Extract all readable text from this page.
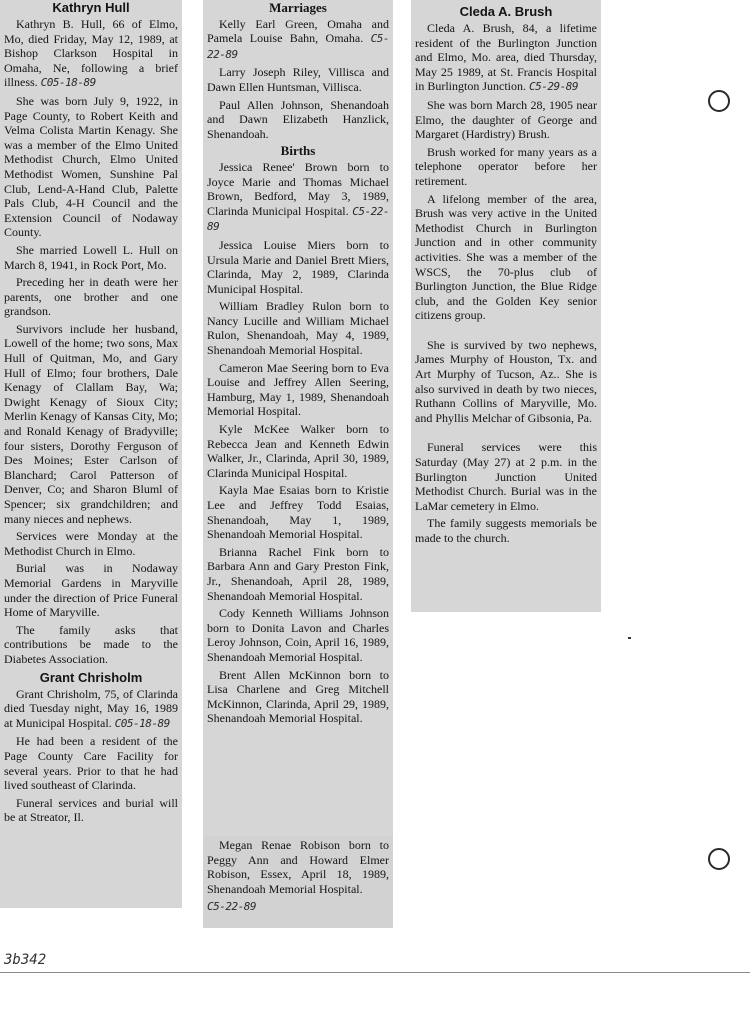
Kathryn Hull

Kathryn B. Hull, 66 of Elmo, Mo, died Friday, May 12, 1989, at Bishop Clarkson Hospital in Omaha, Ne, following a brief illness. C05-18-89

She was born July 9, 1922, in Page County, to Robert Keith and Velma Colista Martin Kenagy. She was a member of the Elmo United Methodist Church, Elmo United Methodist Women, Sunshine Pal Club, Lend-A-Hand Club, Palette Pals Club, 4-H Council and the Extension Council of Nodaway County.

She married Lowell L. Hull on March 8, 1941, in Rock Port, Mo.

Preceding her in death were her parents, one brother and one grandson.

Survivors include her husband, Lowell of the home; two sons, Max Hull of Quitman, Mo, and Gary Hull of Elmo; four brothers, Dale Kenagy of Clallam Bay, Wa; Dwight Kenagy of Sioux City; Merlin Kenagy of Kansas City, Mo; and Ronald Kenagy of Bradyville; four sisters, Dorothy Ferguson of Des Moines; Ester Carlson of Blanchard; Carol Patterson of Denver, Co; and Sharon Bluml of Spencer; six grandchildren; and many nieces and nephews.

Services were Monday at the Methodist Church in Elmo.

Burial was in Nodaway Memorial Gardens in Maryville under the direction of Price Funeral Home of Maryville.

The family asks that contributions be made to the Diabetes Association.

Grant Chrisholm

Grant Chrisholm, 75, of Clarinda died Tuesday night, May 16, 1989 at Municipal Hospital. C05-18-89

He had been a resident of the Page County Care Facility for several years. Prior to that he had lived southeast of Clarinda.

Funeral services and burial will be at Streator, Il.

Marriages

Kelly Earl Green, Omaha and Pamela Louise Bahn, Omaha. C5-22-89

Larry Joseph Riley, Villisca and Dawn Ellen Huntsman, Villisca.

Paul Allen Johnson, Shenandoah and Dawn Elizabeth Hanzlick, Shenandoah.

Births

Jessica Renee' Brown born to Joyce Marie and Thomas Michael Brown, Bedford, May 3, 1989, Clarinda Municipal Hospital. C5-22-89

Jessica Louise Miers born to Ursula Marie and Daniel Brett Miers, Clarinda, May 2, 1989, Clarinda Municipal Hospital.

William Bradley Rulon born to Nancy Lucille and William Michael Rulon, Shenandoah, May 4, 1989, Shenandoah Memorial Hospital.

Cameron Mae Seering born to Eva Louise and Jeffrey Allen Seering, Hamburg, May 1, 1989, Shenandoah Memorial Hospital.

Kyle McKee Walker born to Rebecca Jean and Kenneth Edwin Walker, Jr., Clarinda, April 30, 1989, Clarinda Municipal Hospital.

Kayla Mae Esaias born to Kristie Lee and Jeffrey Todd Esaias, Shenandoah, May 1, 1989, Shenandoah Memorial Hospital.

Brianna Rachel Fink born to Barbara Ann and Gary Preston Fink, Jr., Shenandoah, April 28, 1989, Shenandoah Memorial Hospital.

Cody Kenneth Williams Johnson born to Donita Lavon and Charles Leroy Johnson, Coin, April 16, 1989, Shenandoah Memorial Hospital.

Brent Allen McKinnon born to Lisa Charlene and Greg Mitchell McKinnon, Clarinda, April 29, 1989, Shenandoah Memorial Hospital.

Megan Renae Robison born to Peggy Ann and Howard Elmer Robison, Essex, April 18, 1989, Shenandoah Memorial Hospital.

C5-22-89
Cleda A. Brush

Cleda A. Brush, 84, a lifetime resident of the Burlington Junction and Elmo, Mo. area, died Thursday, May 25 1989, at St. Francis Hospital in Burlington Junction. C5-29-89

She was born March 28, 1905 near Elmo, the daughter of George and Margaret (Hardistry) Brush.

Brush worked for many years as a telephone operator before her retirement.

A lifelong member of the area, Brush was very active in the United Methodist Church in Burlington Junction and in other community activities. She was a member of the WSCS, the 70-plus club of Burlington Junction, the Blue Ridge club, and the Golden Key senior citizens group.

She is survived by two nephews, James Murphy of Houston, Tx. and Art Murphy of Tucson, Az.. She is also survived in death by two nieces, Ruthann Collins of Maryville, Mo. and Phyllis Melchar of Gibsonia, Pa.

Funeral services were this Saturday (May 27) at 2 p.m. in the Burlington Junction United Methodist Church. Burial was in the LaMar cemetery in Elmo.

The family suggests memorials be made to the church.

3b342
